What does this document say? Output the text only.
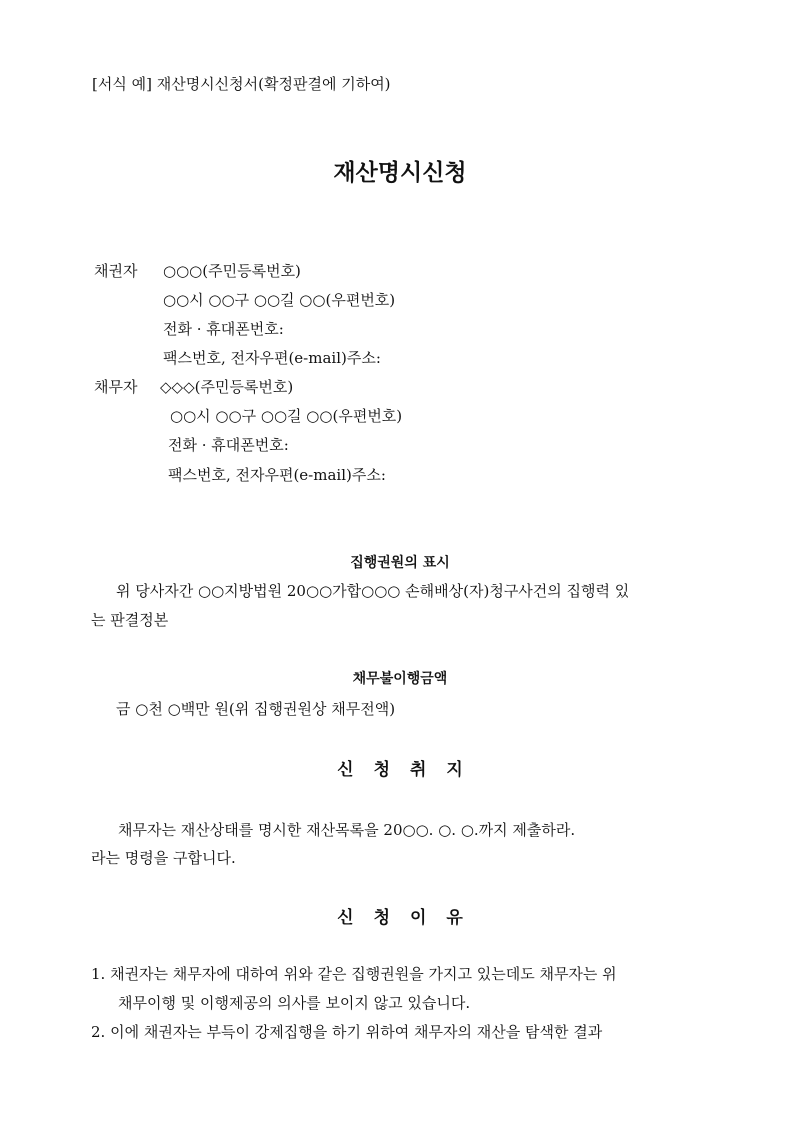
[서식 예] 재산명시신청서(확정판결에 기하여)
재산명시신청
채권자 ○○○(주민등록번호)
○○시 ○○구 ○○길 ○○(우편번호)
전화 · 휴대폰번호:
팩스번호, 전자우편(e-mail)주소:
채무자 ◇◇◇(주민등록번호)
○○시 ○○구 ○○길 ○○(우편번호)
전화 · 휴대폰번호:
팩스번호, 전자우편(e-mail)주소:
집행권원의 표시
위 당사자간 ○○지방법원 20○○가합○○○ 손해배상(자)청구사건의 집행력 있
는 판결정본
채무불이행금액
금 ○천 ○백만 원(위 집행권원상 채무전액)
신청취지
채무자는 재산상태를 명시한 재산목록을 20○○. ○. ○.까지 제출하라.
라는 명령을 구합니다.
신청이유
1. 채권자는 채무자에 대하여 위와 같은 집행권원을 가지고 있는데도 채무자는 위
채무이행 및 이행제공의 의사를 보이지 않고 있습니다.
2. 이에 채권자는 부득이 강제집행을 하기 위하여 채무자의 재산을 탐색한 결과
